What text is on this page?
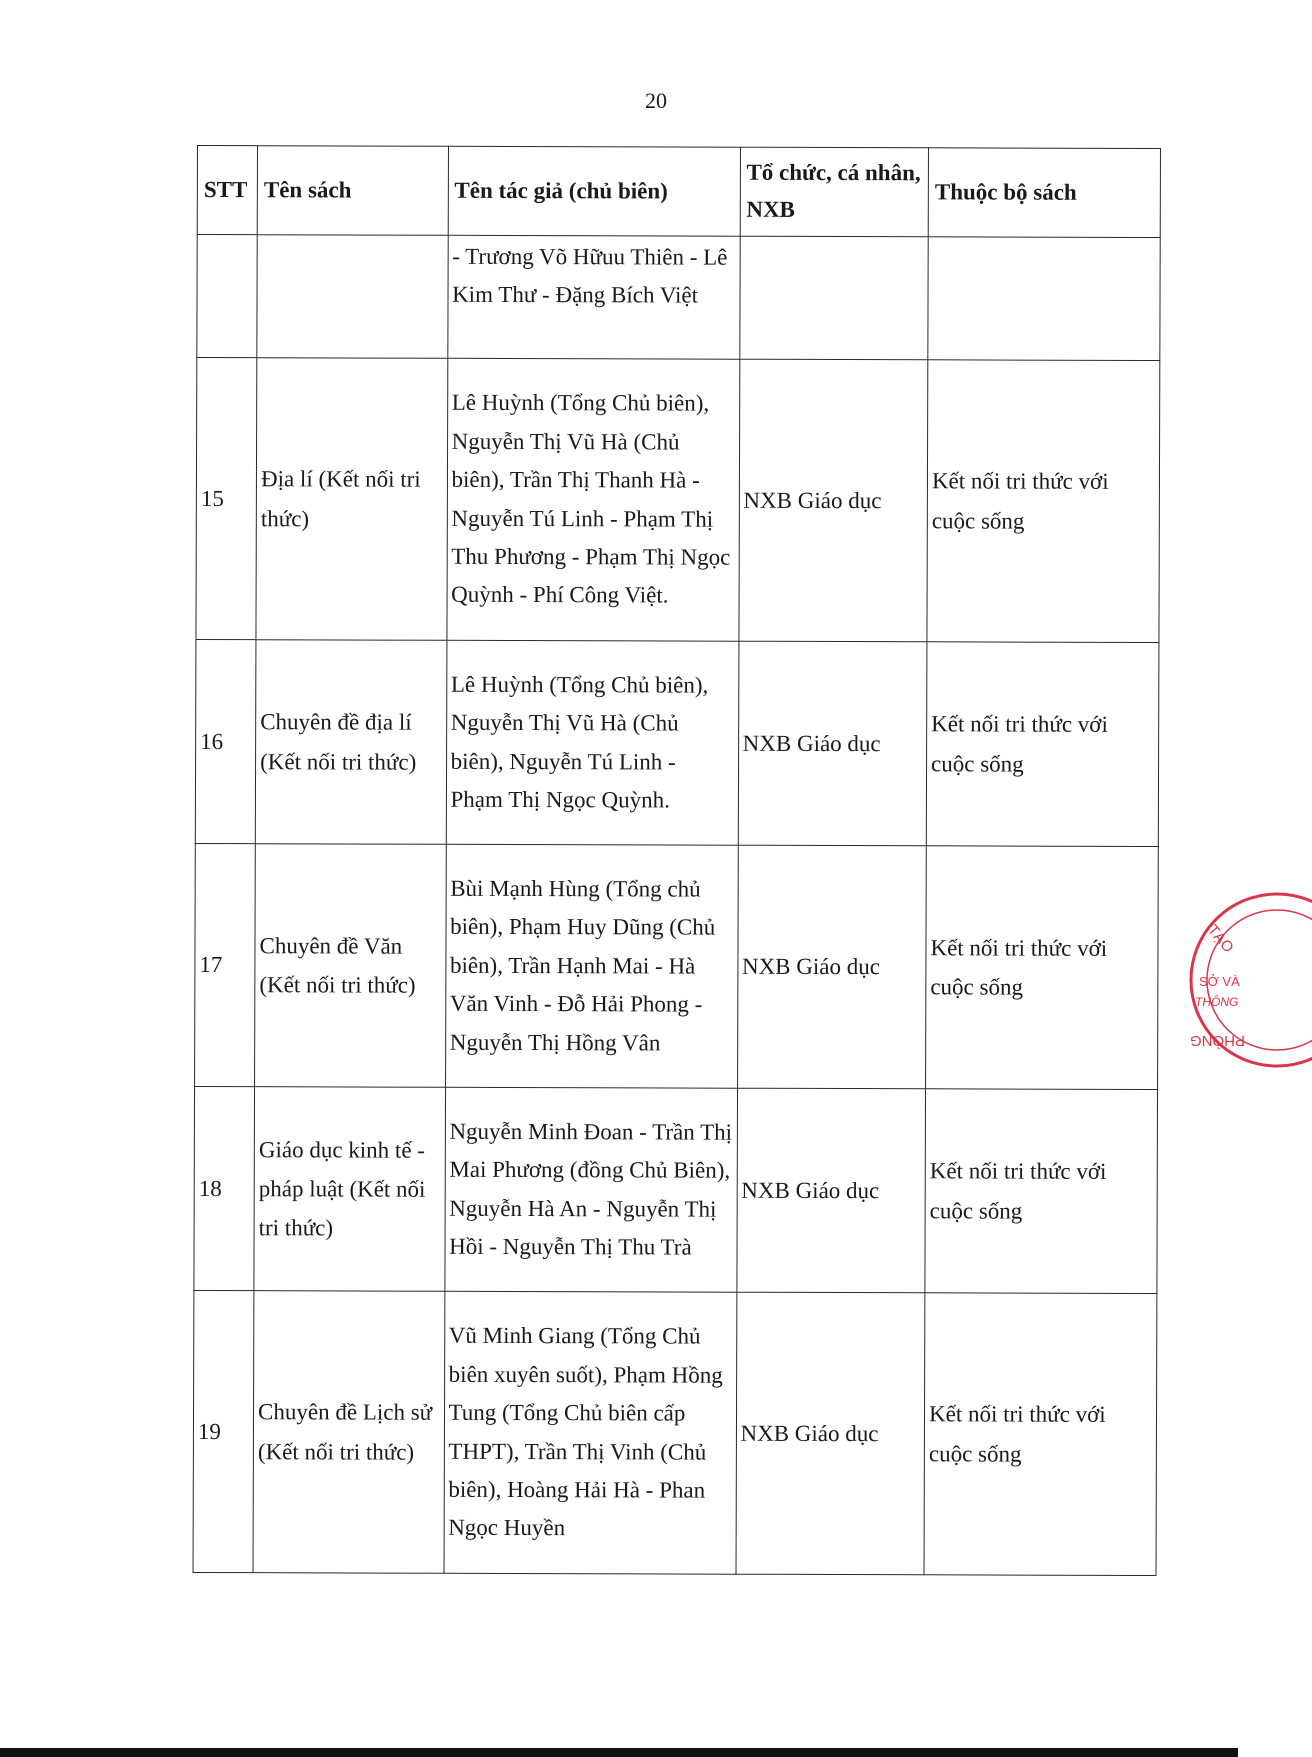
20
STT	Tên sách	Tên tác giả (chủ biên)	Tổ chức, cá nhân, NXB	Thuộc bộ sách
		- Trương Võ Hữuu Thiên - Lê Kim Thư - Đặng Bích Việt		
15	Địa lí (Kết nối tri thức)	Lê Huỳnh (Tổng Chủ biên), Nguyễn Thị Vũ Hà (Chủ biên), Trần Thị Thanh Hà - Nguyễn Tú Linh - Phạm Thị Thu Phương - Phạm Thị Ngọc Quỳnh - Phí Công Việt.	NXB Giáo dục	Kết nối tri thức với cuộc sống
16	Chuyên đề địa lí (Kết nối tri thức)	Lê Huỳnh (Tổng Chủ biên), Nguyễn Thị Vũ Hà (Chủ biên), Nguyễn Tú Linh - Phạm Thị Ngọc Quỳnh.	NXB Giáo dục	Kết nối tri thức với cuộc sống
17	Chuyên đề Văn (Kết nối tri thức)	Bùi Mạnh Hùng (Tổng chủ biên), Phạm Huy Dũng (Chủ biên), Trần Hạnh Mai - Hà Văn Vinh - Đỗ Hải Phong - Nguyễn Thị Hồng Vân	NXB Giáo dục	Kết nối tri thức với cuộc sống
18	Giáo dục kinh tế - pháp luật (Kết nối tri thức)	Nguyễn Minh Đoan - Trần Thị Mai Phương (đồng Chủ Biên), Nguyễn Hà An - Nguyễn Thị Hồi - Nguyễn Thị Thu Trà	NXB Giáo dục	Kết nối tri thức với cuộc sống
19	Chuyên đề Lịch sử (Kết nối tri thức)	Vũ Minh Giang (Tổng Chủ biên xuyên suốt), Phạm Hồng Tung (Tổng Chủ biên cấp THPT), Trần Thị Vinh (Chủ biên), Hoàng Hải Hà - Phan Ngọc Huyền	NXB Giáo dục	Kết nối tri thức với cuộc sống
TẠO
SỞ VÀ
THÔNG
PHÒNG
